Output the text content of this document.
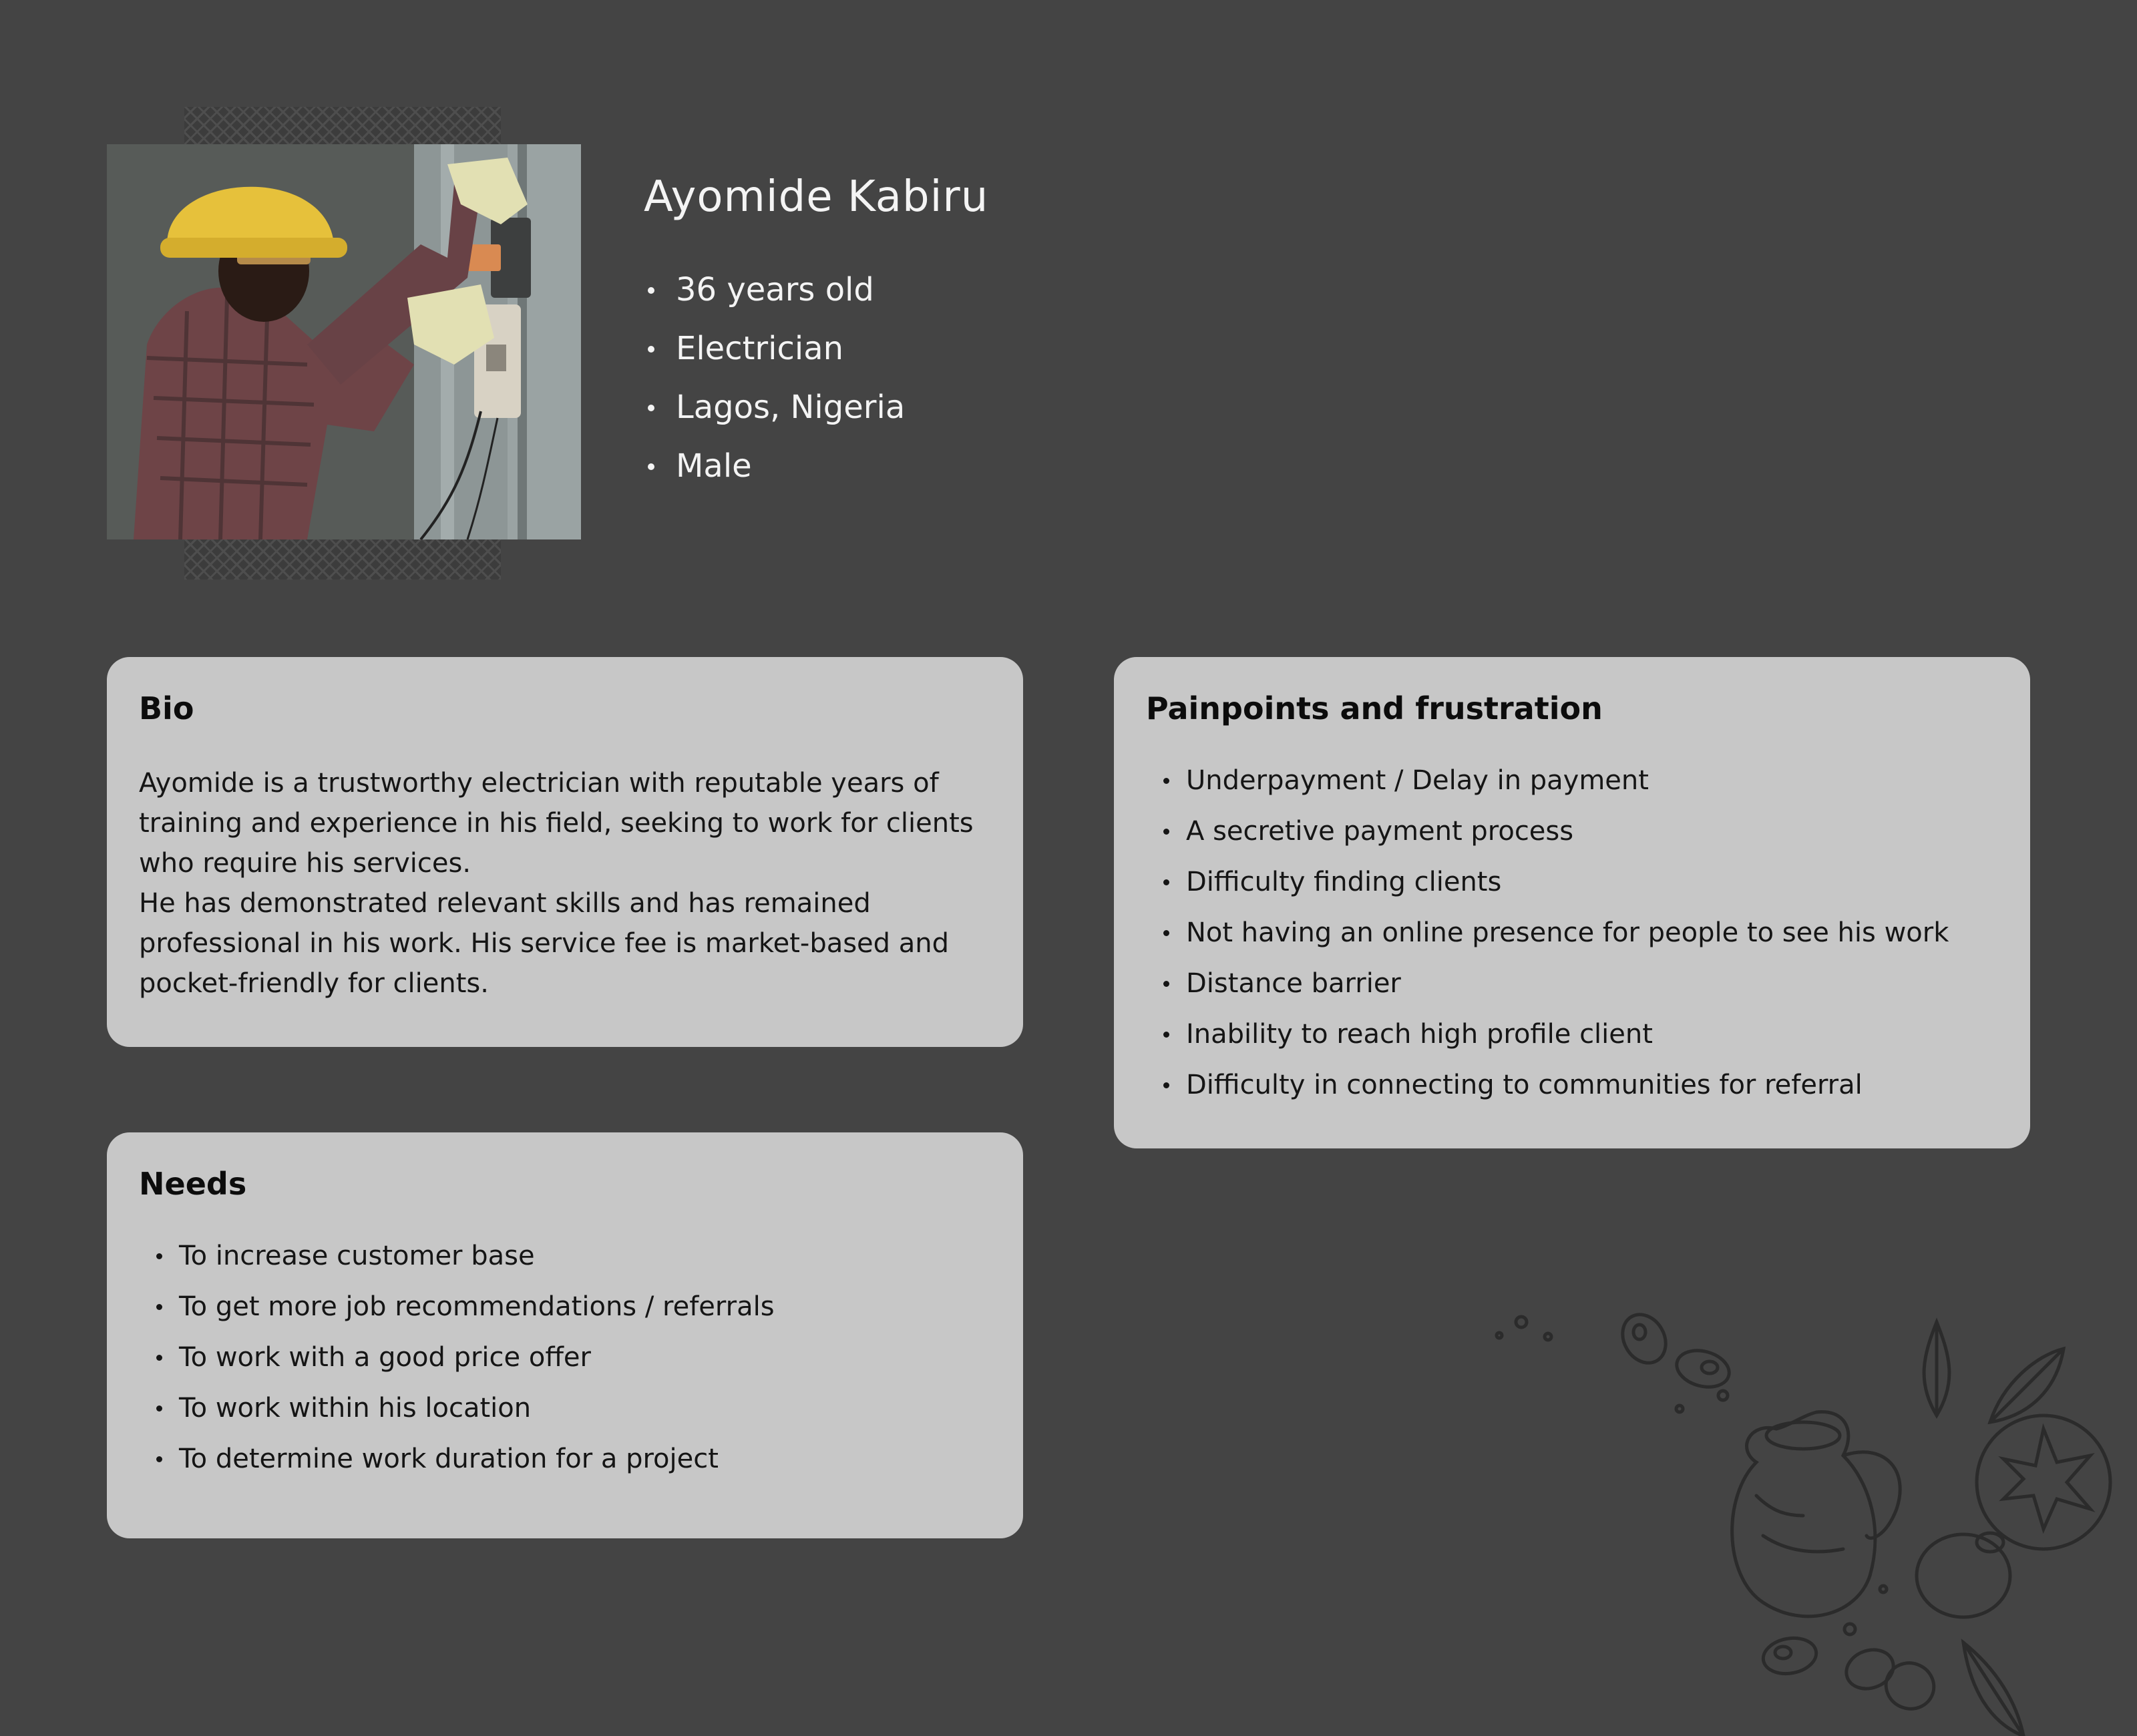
Ayomide Kabiru
36 years old
Electrician
Lagos, Nigeria
Male
Bio

Ayomide is a trustworthy electrician with reputable years of training and experience in his field, seeking to work for clients who require his services.

He has demonstrated relevant skills and has remained professional in his work. His service fee is market-based and pocket-friendly for clients.

Needs
To increase customer base
To get more job recommendations / referrals
To work with a good price offer
To work within his location
To determine work duration for a project
Painpoints and frustration
Underpayment / Delay in payment
A secretive payment process
Difficulty finding clients
Not having an online presence for people to see his work
Distance barrier
Inability to reach high profile client
Difficulty in connecting to communities for referral
